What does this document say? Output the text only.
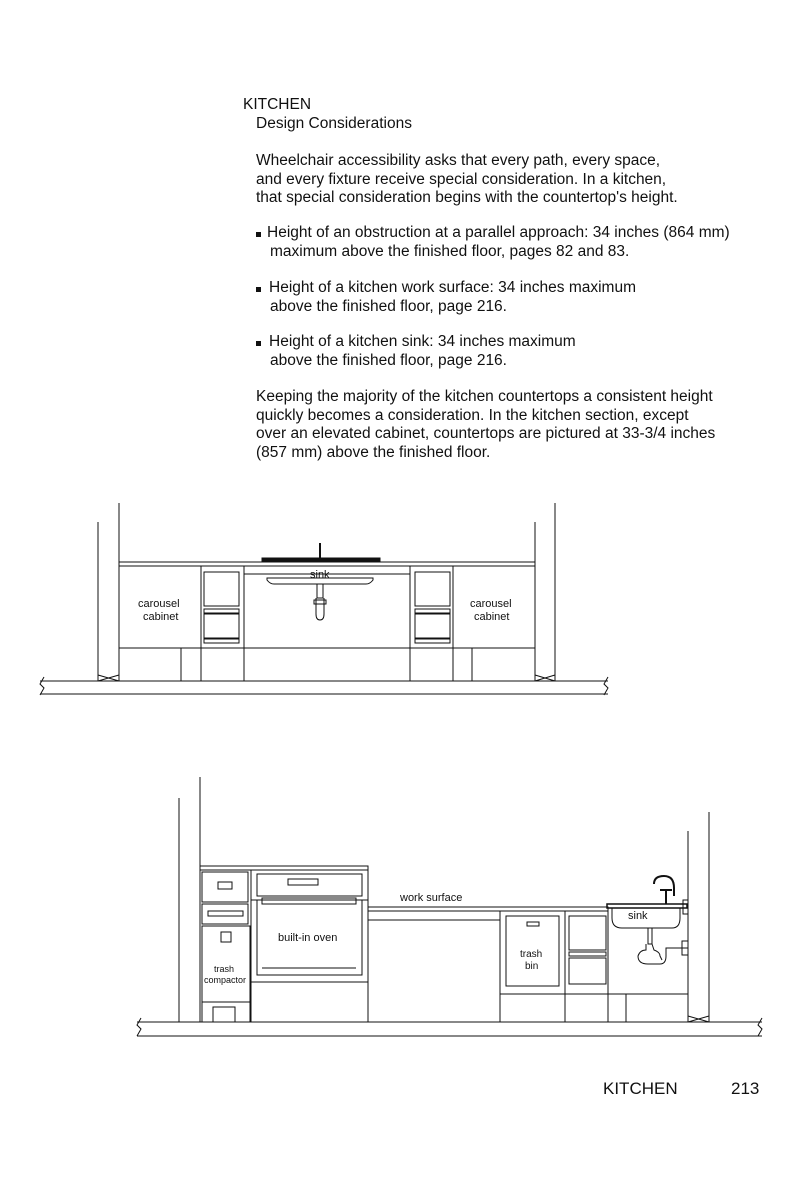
KITCHEN
Design Considerations
Wheelchair accessibility asks that every path, every space,
and every fixture receive special consideration. In a kitchen,
that special consideration begins with the countertop's height.
Height of an obstruction at a parallel approach: 34 inches (864 mm)
maximum above the finished floor, pages 82 and 83.
Height of a kitchen work surface: 34 inches maximum
above the finished floor, page 216.
Height of a kitchen sink: 34 inches maximum
above the finished floor, page 216.
Keeping the majority of the kitchen countertops a consistent height
quickly becomes a consideration. In the kitchen section, except
over an elevated cabinet, countertops are pictured at 33-3/4 inches
(857 mm) above the finished floor.
sink
carousel
cabinet
carousel
cabinet
built-in oven
work surface
trash
bin
sink
trash
compactor
KITCHEN	213
